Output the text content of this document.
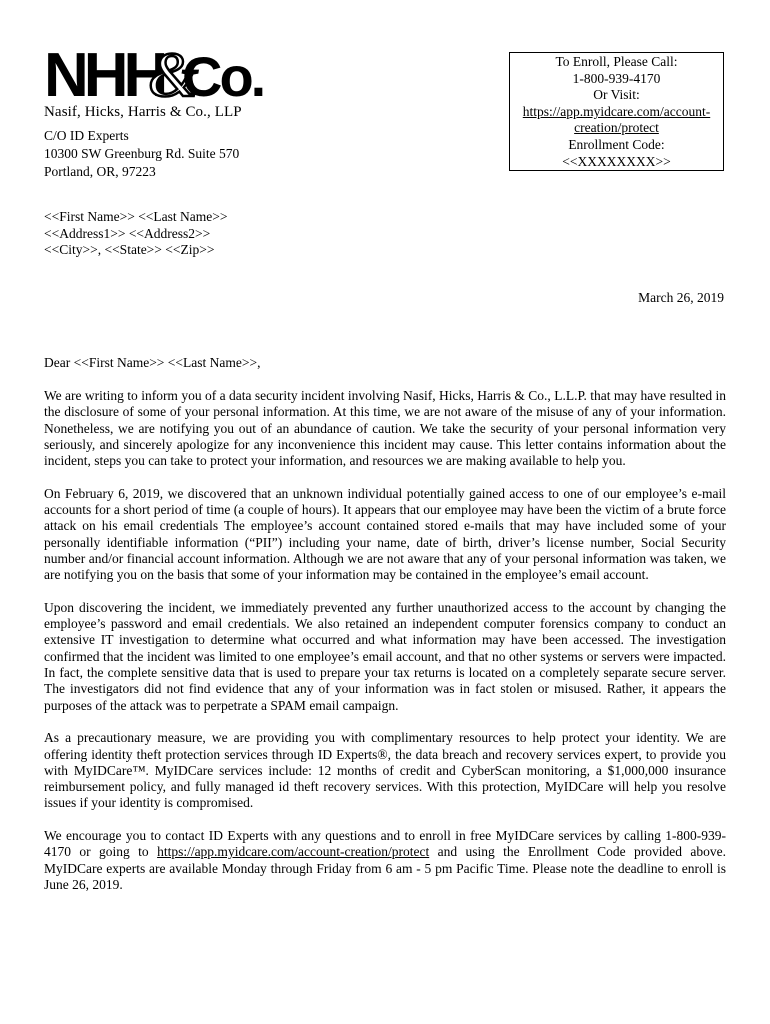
NHH
&
Co.
Nasif, Hicks, Harris & Co., LLP
C/O ID Experts
10300 SW Greenburg Rd. Suite 570
Portland, OR, 97223
To Enroll, Please Call:
1-800-939-4170
Or Visit:
https://app.myidcare.com/account-
creation/protect
Enrollment Code:
<<XXXXXXXX>>
<<First Name>> <<Last Name>>
<<Address1>> <<Address2>>
<<City>>, <<State>> <<Zip>>
March 26, 2019
Dear <<First Name>> <<Last Name>>,

We are writing to inform you of a data security incident involving Nasif, Hicks, Harris & Co., L.L.P. that may have resulted in the disclosure of some of your personal information. At this time, we are not aware of the misuse of any of your information. Nonetheless, we are notifying you out of an abundance of caution. We take the security of your personal information very seriously, and sincerely apologize for any inconvenience this incident may cause. This letter contains information about the incident, steps you can take to protect your information, and resources we are making available to help you.

On February 6, 2019, we discovered that an unknown individual potentially gained access to one of our employee’s e-mail accounts for a short period of time (a couple of hours). It appears that our employee may have been the victim of a brute force attack on his email credentials The employee’s account contained stored e-mails that may have included some of your personally identifiable information (“PII”) including your name, date of birth, driver’s license number, Social Security number and/or financial account information. Although we are not aware that any of your personal information was taken, we are notifying you on the basis that some of your information may be contained in the employee’s email account.

Upon discovering the incident, we immediately prevented any further unauthorized access to the account by changing the employee’s password and email credentials. We also retained an independent computer forensics company to conduct an extensive IT investigation to determine what occurred and what information may have been accessed. The investigation confirmed that the incident was limited to one employee’s email account, and that no other systems or servers were impacted. In fact, the complete sensitive data that is used to prepare your tax returns is located on a completely separate secure server. The investigators did not find evidence that any of your information was in fact stolen or misused. Rather, it appears the purposes of the attack was to perpetrate a SPAM email campaign.

As a precautionary measure, we are providing you with complimentary resources to help protect your identity. We are offering identity theft protection services through ID Experts®, the data breach and recovery services expert, to provide you with MyIDCare™. MyIDCare services include: 12 months of credit and CyberScan monitoring, a $1,000,000 insurance reimbursement policy, and fully managed id theft recovery services. With this protection, MyIDCare will help you resolve issues if your identity is compromised.

We encourage you to contact ID Experts with any questions and to enroll in free MyIDCare services by calling 1-800-939-4170 or going to https://app.myidcare.com/account-creation/protect and using the Enrollment Code provided above. MyIDCare experts are available Monday through Friday from 6 am - 5 pm Pacific Time. Please note the deadline to enroll is June 26, 2019.
